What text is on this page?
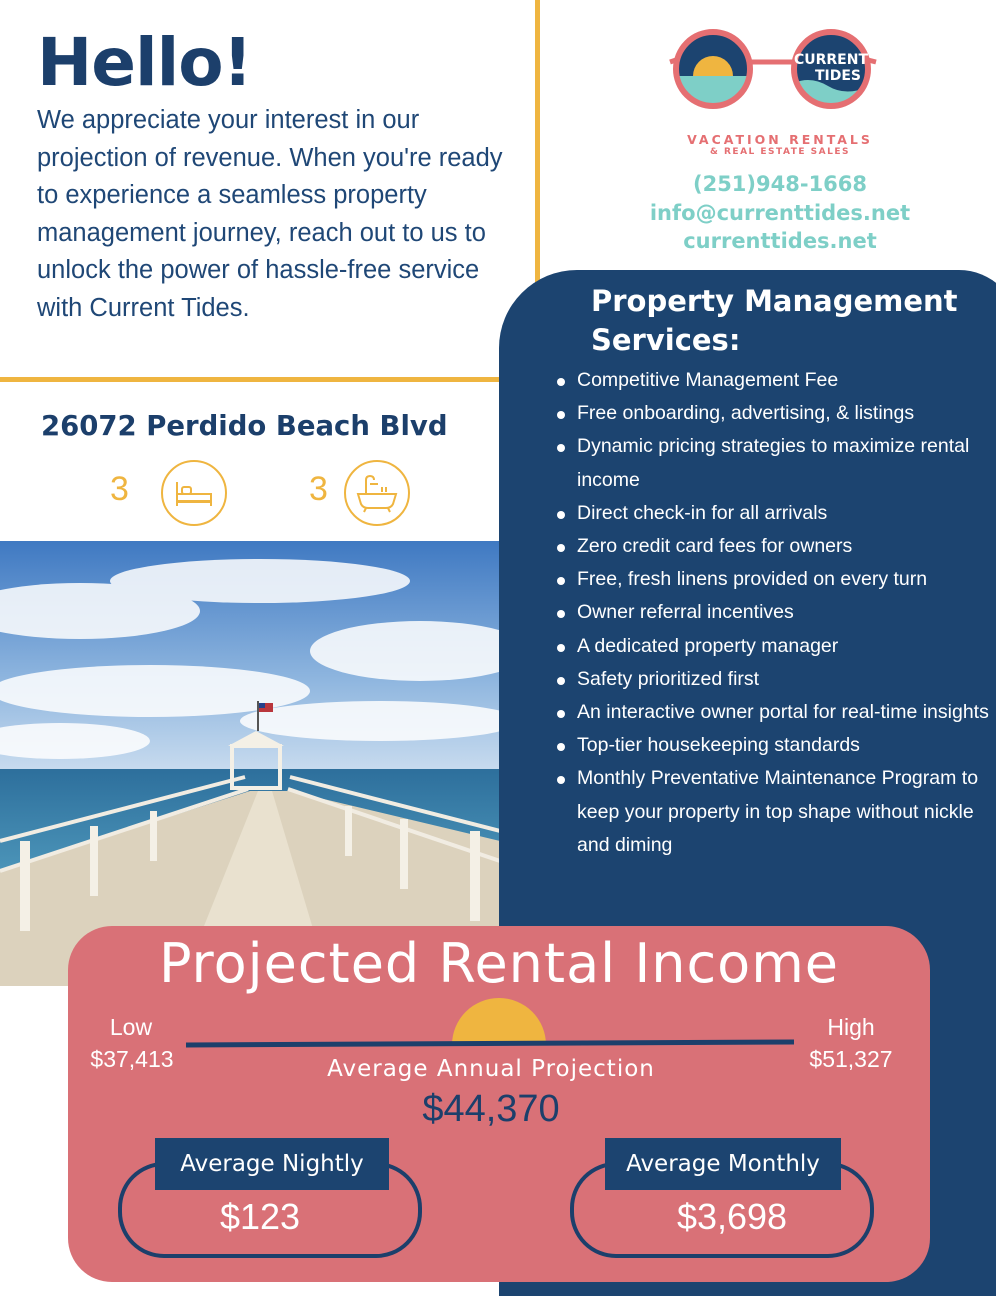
Hello!

We appreciate your interest in our projection of revenue. When you're ready to experience a seamless property management journey, reach out to us to unlock the power of hassle-free service with Current Tides.

CURRENT
TIDES
VACATION RENTALS
& REAL ESTATE SALES
(251)948-1668
info@currenttides.net
currenttides.net
26072 Perdido Beach Blvd
3	3
Property Management Services:
Competitive Management Fee
Free onboarding, advertising, & listings
Dynamic pricing strategies to maximize rental income
Direct check-in for all arrivals
Zero credit card fees for owners
Free, fresh linens provided on every turn
Owner referral incentives
A dedicated property manager
Safety prioritized first
An interactive owner portal for real-time insights
Top-tier housekeeping standards
Monthly Preventative Maintenance Program to keep your property in top shape without nickle and diming
Projected Rental Income
Low
$37,413
High
$51,327
Average Annual Projection
$44,370
Average Nightly
$123
Average Monthly
$3,698
